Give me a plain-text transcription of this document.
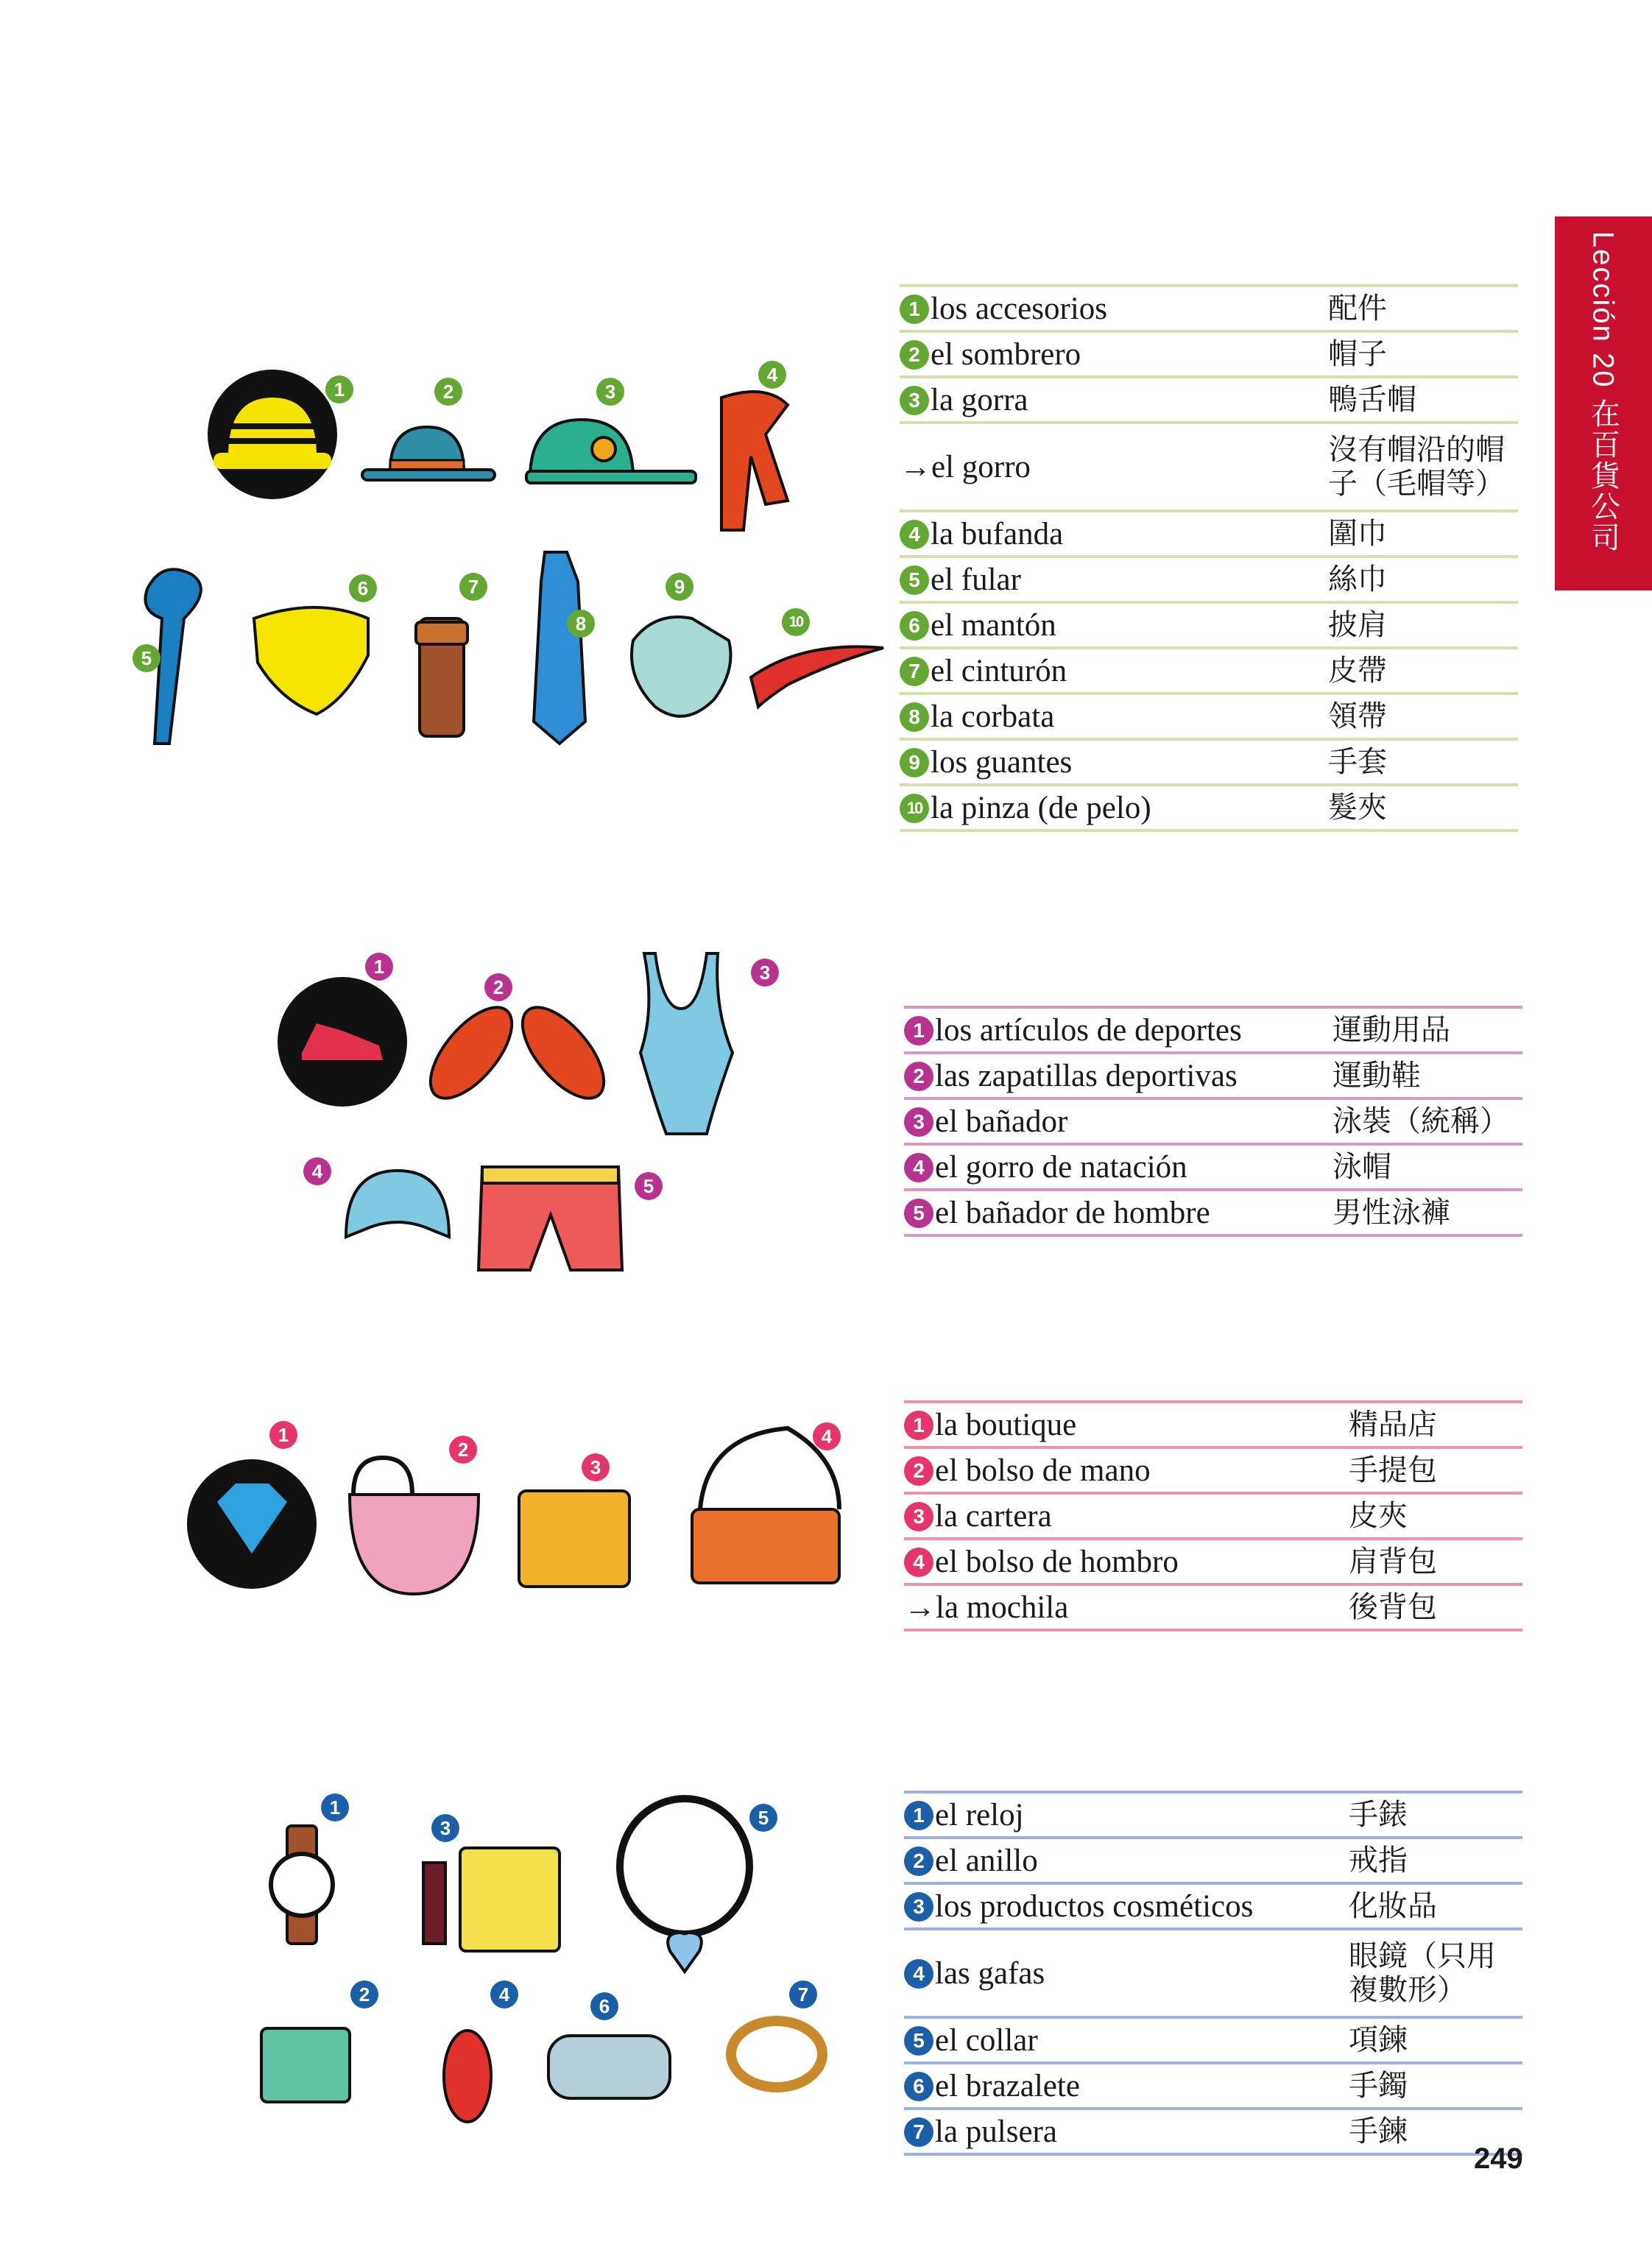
Lección 20 在百貨公司
1	2	3
4
5
6	7
8
9
10
1 los accesorios	配件
2 el sombrero	帽子
3 la gorra	鴨舌帽
→el gorro	沒有帽沿的帽子（毛帽等）
4 la bufanda	圍巾
5 el fular	絲巾
6 el mantón	披肩
7 el cinturón	皮帶
8 la corbata	領帶
9 los guantes	手套
10 la pinza (de pelo)	髮夾
1
2
3
4
5
1 los artículos de deportes	運動用品
2 las zapatillas deportivas	運動鞋
3 el bañador	泳裝（統稱）
4 el gorro de natación	泳帽
5 el bañador de hombre	男性泳褲
1
2
3
4
1 la boutique	精品店
2 el bolso de mano	手提包
3 la cartera	皮夾
4 el bolso de hombro	肩背包
→la mochila	後背包
1
3	5
2	4
6
7
1 el reloj	手錶
2 el anillo	戒指
3 los productos cosméticos	化妝品
4 las gafas	眼鏡（只用複數形）
5 el collar	項鍊
6 el brazalete	手鐲
7 la pulsera	手鍊
249
